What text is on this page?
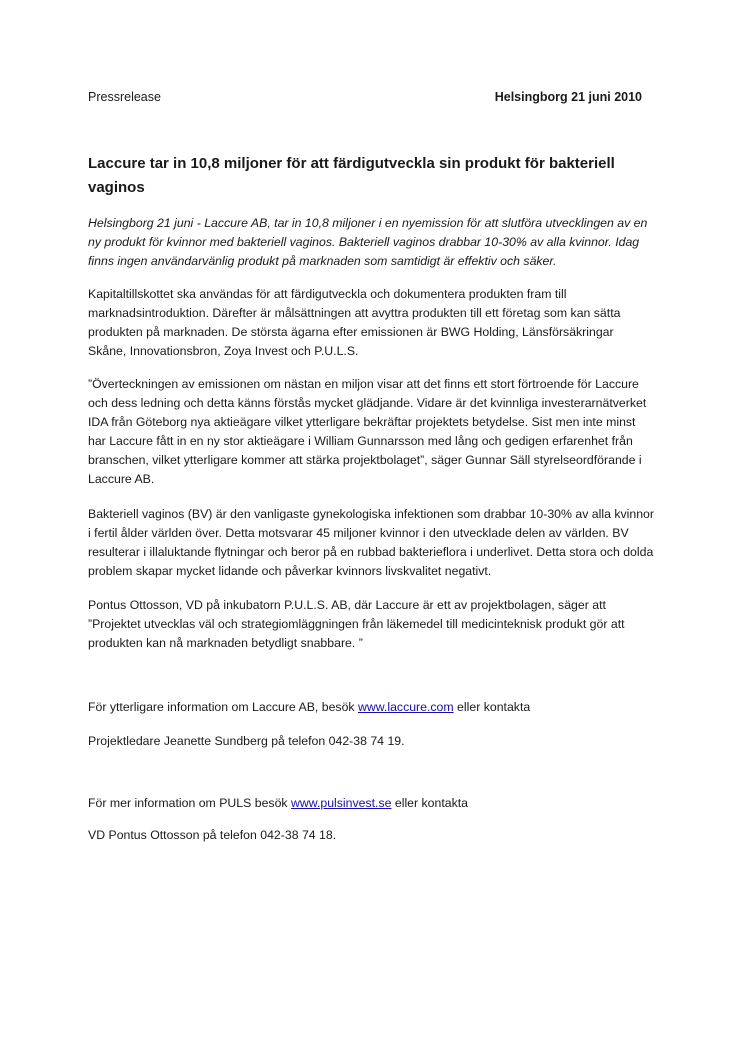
Pressrelease	Helsingborg 21 juni 2010
Laccure tar in 10,8 miljoner för att färdigutveckla sin produkt för bakteriell vaginos

Helsingborg 21 juni - Laccure AB, tar in 10,8 miljoner i en nyemission för att slutföra utvecklingen av en ny produkt för kvinnor med bakteriell vaginos. Bakteriell vaginos drabbar 10-30% av alla kvinnor. Idag finns ingen användarvänlig produkt på marknaden som samtidigt är effektiv och säker.

Kapitaltillskottet ska användas för att färdigutveckla och dokumentera produkten fram till marknadsintroduktion. Därefter är målsättningen att avyttra produkten till ett företag som kan sätta produkten på marknaden. De största ägarna efter emissionen är BWG Holding, Länsförsäkringar Skåne, Innovationsbron, Zoya Invest och P.U.L.S.

”Överteckningen av emissionen om nästan en miljon visar att det finns ett stort förtroende för Laccure och dess ledning och detta känns förstås mycket glädjande. Vidare är det kvinnliga investerarnätverket IDA från Göteborg nya aktieägare vilket ytterligare bekräftar projektets betydelse. Sist men inte minst har Laccure fått in en ny stor aktieägare i William Gunnarsson med lång och gedigen erfarenhet från branschen, vilket ytterligare kommer att stärka projektbolaget”, säger Gunnar Säll styrelseordförande i Laccure AB.

Bakteriell vaginos (BV) är den vanligaste gynekologiska infektionen som drabbar 10-30% av alla kvinnor i fertil ålder världen över. Detta motsvarar 45 miljoner kvinnor i den utvecklade delen av världen. BV resulterar i illaluktande flytningar och beror på en rubbad bakterieflora i underlivet. Detta stora och dolda problem skapar mycket lidande och påverkar kvinnors livskvalitet negativt.

Pontus Ottosson, VD på inkubatorn P.U.L.S. AB, där Laccure är ett av projektbolagen, säger att ”Projektet utvecklas väl och strategiomläggningen från läkemedel till medicinteknisk produkt gör att produkten kan nå marknaden betydligt snabbare. ”

För ytterligare information om Laccure AB, besök www.laccure.com eller kontakta

Projektledare Jeanette Sundberg på telefon 042-38 74 19.

För mer information om PULS besök www.pulsinvest.se eller kontakta

VD Pontus Ottosson på telefon 042-38 74 18.
